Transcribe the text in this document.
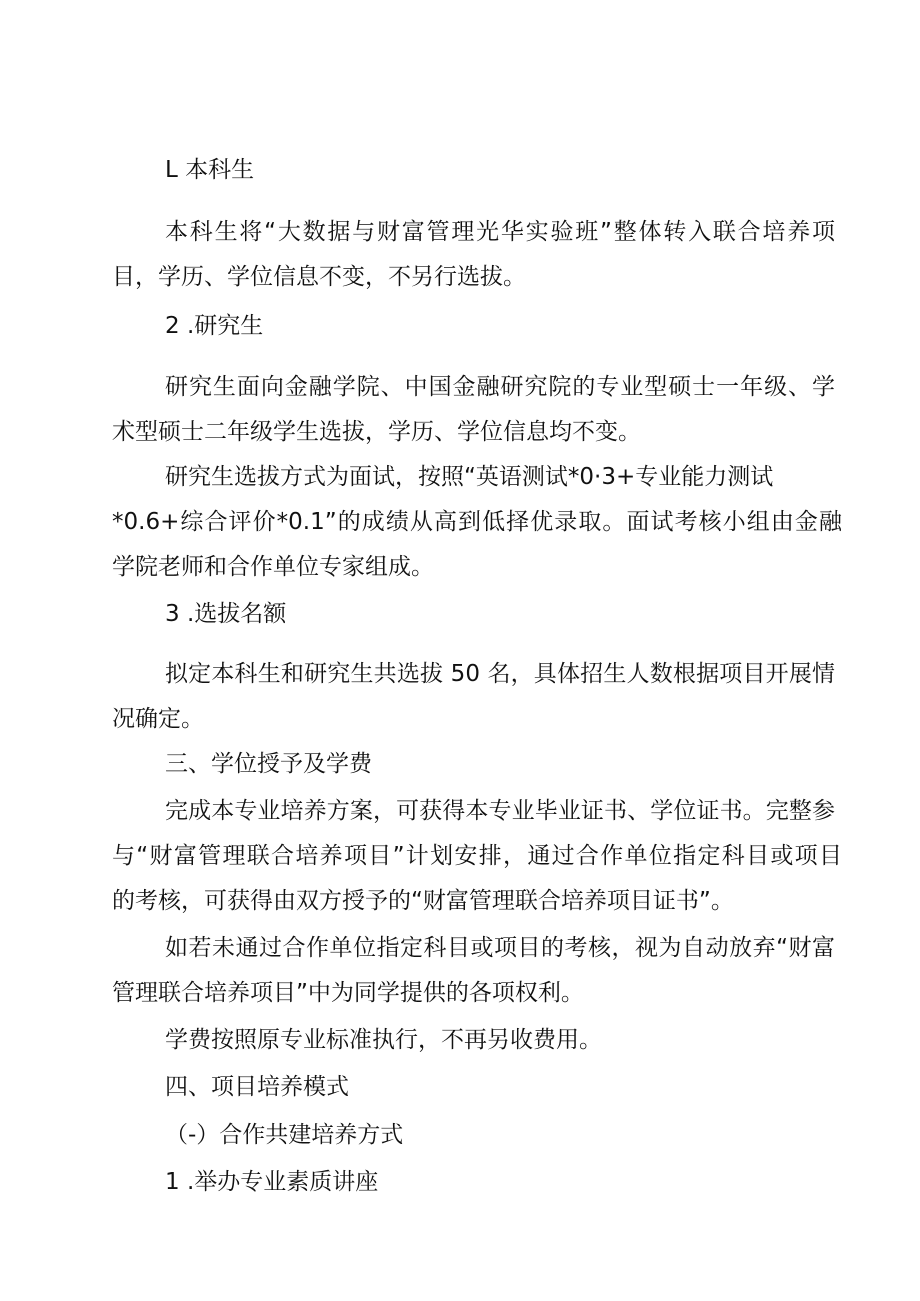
L 本科生
本科生将“大数据与财富管理光华实验班”整体转入联合培养项
目，学历、学位信息不变，不另行选拔。
2 .研究生
研究生面向金融学院、中国金融研究院的专业型硕士一年级、学
术型硕士二年级学生选拔，学历、学位信息均不变。
研究生选拔方式为面试，按照“英语测试*0·3+专业能力测试
*0.6+综合评价*0.1”的成绩从高到低择优录取。面试考核小组由金融
学院老师和合作单位专家组成。
3 .选拔名额
拟定本科生和研究生共选拔 50 名，具体招生人数根据项目开展情
况确定。
三、学位授予及学费
完成本专业培养方案，可获得本专业毕业证书、学位证书。完整参
与“财富管理联合培养项目”计划安排，通过合作单位指定科目或项目
的考核，可获得由双方授予的“财富管理联合培养项目证书”。
如若未通过合作单位指定科目或项目的考核，视为自动放弃“财富
管理联合培养项目”中为同学提供的各项权利。
学费按照原专业标准执行，不再另收费用。
四、项目培养模式
（-）合作共建培养方式
1 .举办专业素质讲座
